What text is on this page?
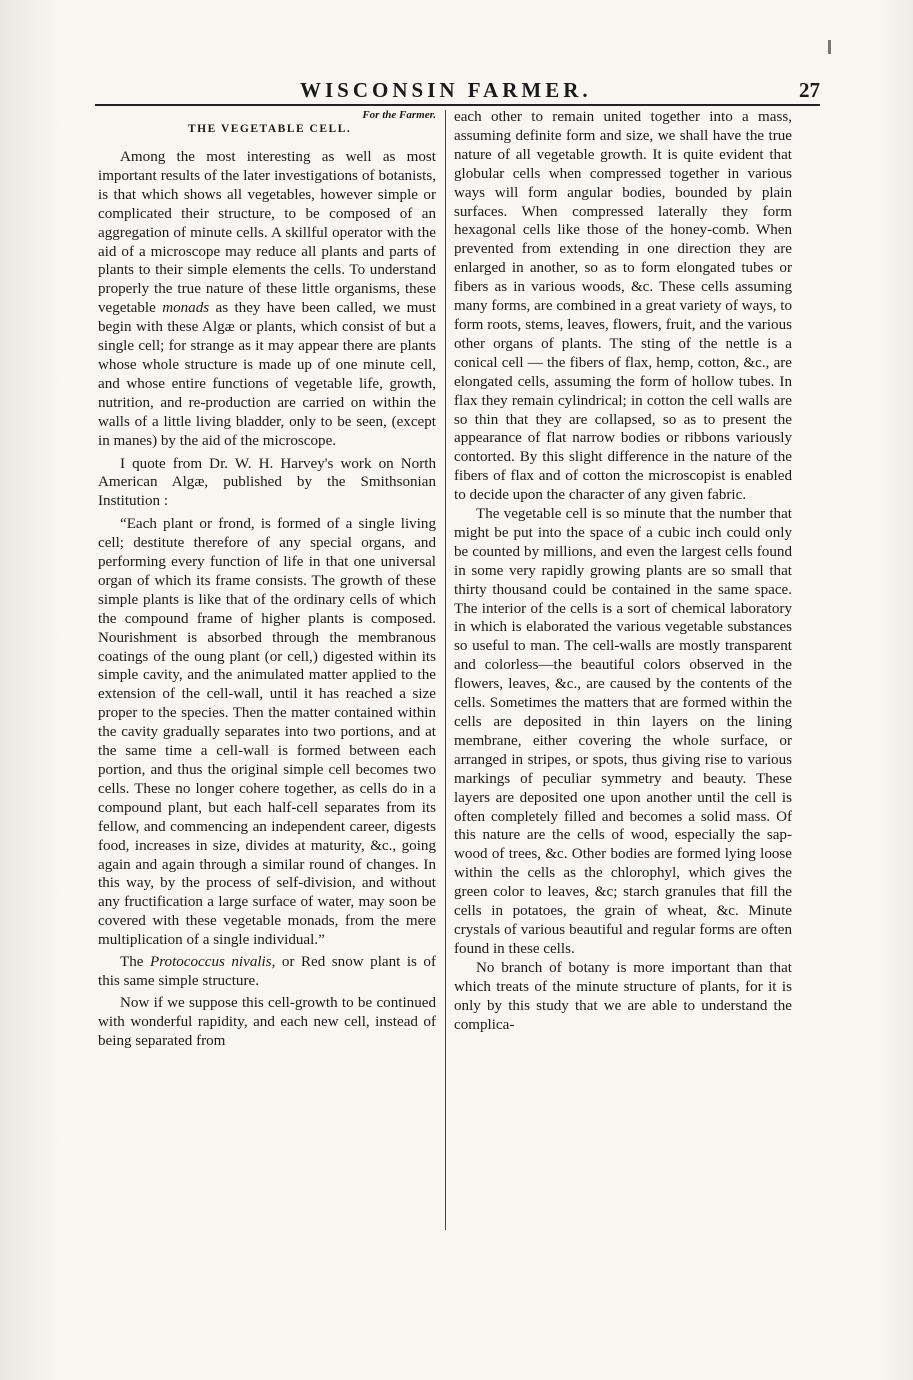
WISCONSIN FARMER.	27
For the Farmer.
THE VEGETABLE CELL.

Among the most interesting as well as most important results of the later investigations of botanists, is that which shows all vegetables, however simple or complicated their structure, to be composed of an aggregation of minute cells. A skillful operator with the aid of a microscope may reduce all plants and parts of plants to their simple elements the cells. To understand properly the true nature of these little organisms, these vegetable monads as they have been called, we must begin with these Algæ or plants, which consist of but a single cell; for strange as it may appear there are plants whose whole structure is made up of one minute cell, and whose entire functions of vegetable life, growth, nutrition, and re-production are carried on within the walls of a little living bladder, only to be seen, (except in manes) by the aid of the microscope.

I quote from Dr. W. H. Harvey's work on North American Algæ, published by the Smithsonian Institution :

“Each plant or frond, is formed of a single living cell; destitute therefore of any special organs, and performing every function of life in that one universal organ of which its frame consists. The growth of these simple plants is like that of the ordinary cells of which the compound frame of higher plants is composed. Nourishment is absorbed through the membranous coatings of the oung plant (or cell,) digested within its simple cavity, and the animulated matter applied to the extension of the cell-wall, until it has reached a size proper to the species. Then the matter contained within the cavity gradually separates into two portions, and at the same time a cell-wall is formed between each portion, and thus the original simple cell becomes two cells. These no longer cohere together, as cells do in a compound plant, but each half-cell separates from its fellow, and commencing an independent career, digests food, increases in size, divides at maturity, &c., going again and again through a similar round of changes. In this way, by the process of self-division, and without any fructification a large surface of water, may soon be covered with these vegetable monads, from the mere multiplication of a single individual.”

The Protococcus nivalis, or Red snow plant is of this same simple structure.

Now if we suppose this cell-growth to be continued with wonderful rapidity, and each new cell, instead of being separated from

each other to remain united together into a mass, assuming definite form and size, we shall have the true nature of all vegetable growth. It is quite evident that globular cells when compressed together in various ways will form angular bodies, bounded by plain surfaces. When compressed laterally they form hexagonal cells like those of the honey-comb. When prevented from extending in one direction they are enlarged in another, so as to form elongated tubes or fibers as in various woods, &c. These cells assuming many forms, are combined in a great variety of ways, to form roots, stems, leaves, flowers, fruit, and the various other organs of plants. The sting of the nettle is a conical cell — the fibers of flax, hemp, cotton, &c., are elongated cells, assuming the form of hollow tubes. In flax they remain cylindrical; in cotton the cell walls are so thin that they are collapsed, so as to present the appearance of flat narrow bodies or ribbons variously contorted. By this slight difference in the nature of the fibers of flax and of cotton the microscopist is enabled to decide upon the character of any given fabric.

The vegetable cell is so minute that the number that might be put into the space of a cubic inch could only be counted by millions, and even the largest cells found in some very rapidly growing plants are so small that thirty thousand could be contained in the same space. The interior of the cells is a sort of chemical laboratory in which is elaborated the various vegetable substances so useful to man. The cell-walls are mostly transparent and colorless—the beautiful colors observed in the flowers, leaves, &c., are caused by the contents of the cells. Sometimes the matters that are formed within the cells are deposited in thin layers on the lining membrane, either covering the whole surface, or arranged in stripes, or spots, thus giving rise to various markings of peculiar symmetry and beauty. These layers are deposited one upon another until the cell is often completely filled and becomes a solid mass. Of this nature are the cells of wood, especially the sap-wood of trees, &c. Other bodies are formed lying loose within the cells as the chlorophyl, which gives the green color to leaves, &c; starch granules that fill the cells in potatoes, the grain of wheat, &c. Minute crystals of various beautiful and regular forms are often found in these cells.

No branch of botany is more important than that which treats of the minute structure of plants, for it is only by this study that we are able to understand the complica-
